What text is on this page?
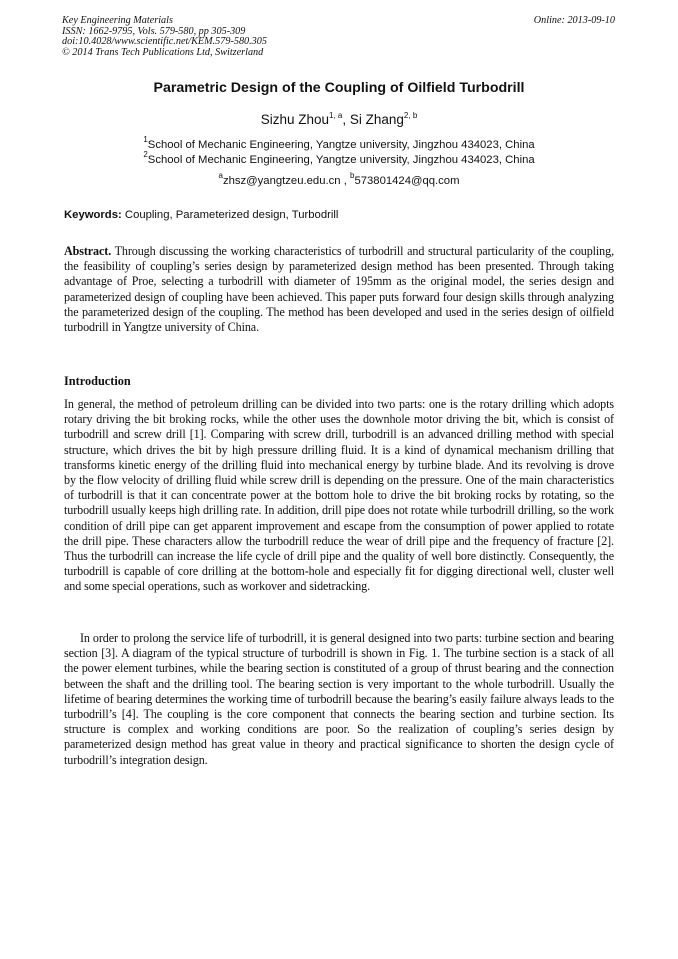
Key Engineering Materials
ISSN: 1662-9795, Vols. 579-580, pp 305-309
doi:10.4028/www.scientific.net/KEM.579-580.305
© 2014 Trans Tech Publications Ltd, Switzerland
Online: 2013-09-10
Parametric Design of the Coupling of Oilfield Turbodrill
Sizhu Zhou$^{1, a}$, Si Zhang$^{2, b}$
$^1$School of Mechanic Engineering, Yangtze university, Jingzhou 434023, China
$^2$School of Mechanic Engineering, Yangtze university, Jingzhou 434023, China
$^a$zhsz@yangtzeu.edu.cn , $^b$573801424@qq.com
Keywords: Coupling, Parameterized design, Turbodrill
Abstract. Through discussing the working characteristics of turbodrill and structural particularity of the coupling, the feasibility of coupling’s series design by parameterized design method has been presented. Through taking advantage of Proe, selecting a turbodrill with diameter of 195mm as the original model, the series design and parameterized design of coupling have been achieved. This paper puts forward four design skills through analyzing the parameterized design of the coupling. The method has been developed and used in the series design of oilfield turbodrill in Yangtze university of China.
Introduction
In general, the method of petroleum drilling can be divided into two parts: one is the rotary drilling which adopts rotary driving the bit broking rocks, while the other uses the downhole motor driving the bit, which is consist of turbodrill and screw drill [1]. Comparing with screw drill, turbodrill is an advanced drilling method with special structure, which drives the bit by high pressure drilling fluid. It is a kind of dynamical mechanism drilling that transforms kinetic energy of the drilling fluid into mechanical energy by turbine blade. And its revolving is drove by the flow velocity of drilling fluid while screw drill is depending on the pressure. One of the main characteristics of turbodrill is that it can concentrate power at the bottom hole to drive the bit broking rocks by rotating, so the turbodrill usually keeps high drilling rate. In addition, drill pipe does not rotate while turbodrill drilling, so the work condition of drill pipe can get apparent improvement and escape from the consumption of power applied to rotate the drill pipe. These characters allow the turbodrill reduce the wear of drill pipe and the frequency of fracture [2]. Thus the turbodrill can increase the life cycle of drill pipe and the quality of well bore distinctly. Consequently, the turbodrill is capable of core drilling at the bottom-hole and especially fit for digging directional well, cluster well and some special operations, such as workover and sidetracking.
In order to prolong the service life of turbodrill, it is general designed into two parts: turbine section and bearing section [3]. A diagram of the typical structure of turbodrill is shown in Fig. 1. The turbine section is a stack of all the power element turbines, while the bearing section is constituted of a group of thrust bearing and the connection between the shaft and the drilling tool. The bearing section is very important to the whole turbodrill. Usually the lifetime of bearing determines the working time of turbodrill because the bearing’s easily failure always leads to the turbodrill’s [4]. The coupling is the core component that connects the bearing section and turbine section. Its structure is complex and working conditions are poor. So the realization of coupling’s series design by parameterized design method has great value in theory and practical significance to shorten the design cycle of turbodrill’s integration design.
